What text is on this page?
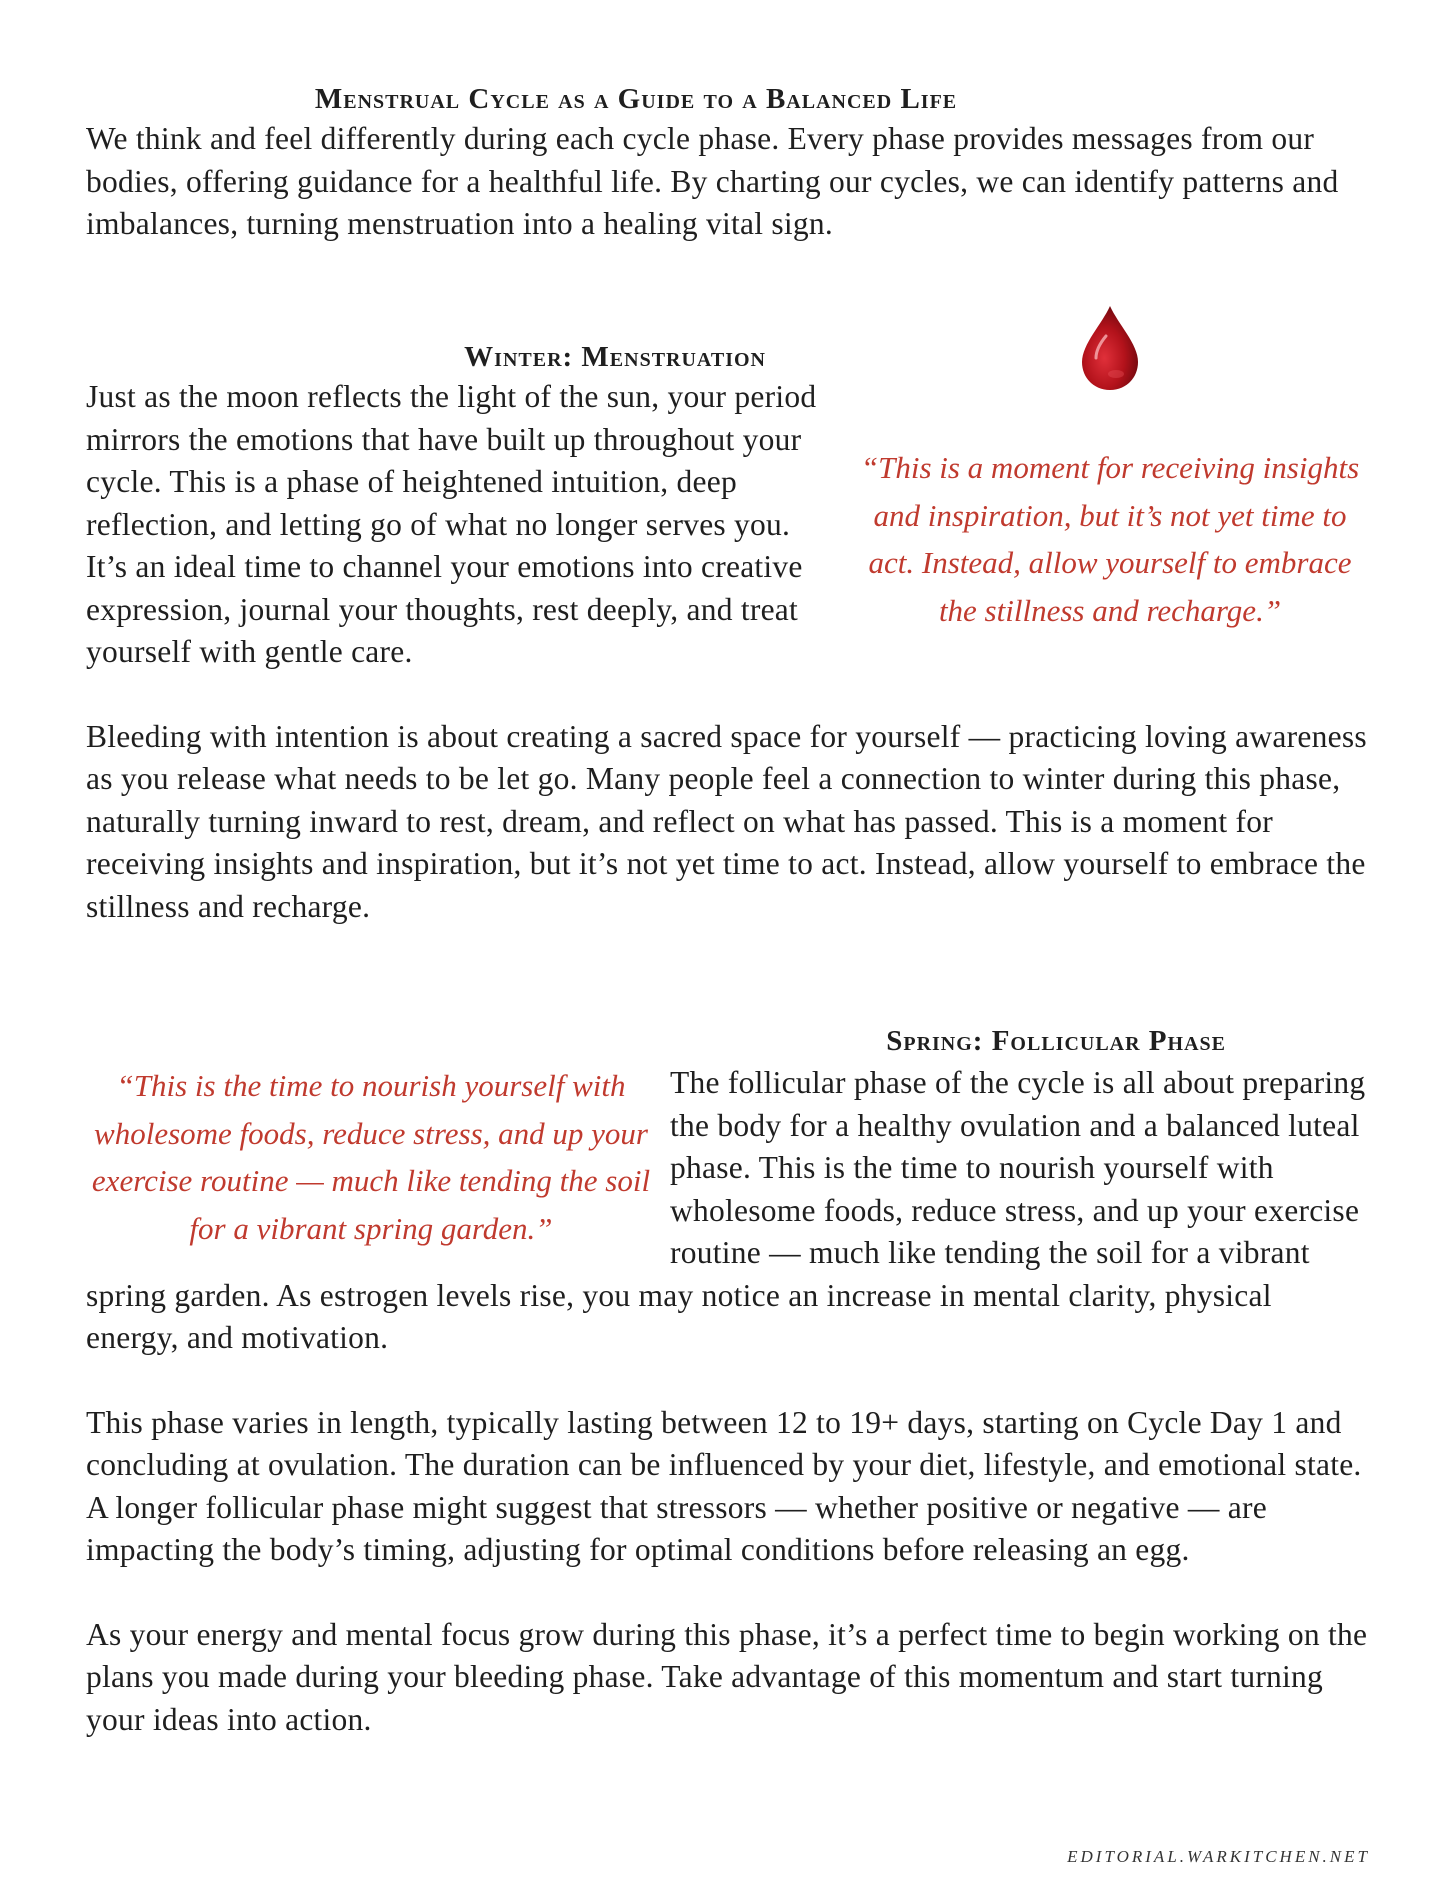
Menstrual Cycle as a Guide to a Balanced Life

We think and feel differently during each cycle phase. Every phase provides messages from our bodies, offering guidance for a healthful life. By charting our cycles, we can identify patterns and imbalances, turning menstruation into a healing vital sign.

Winter: Menstruation

“This is a moment for receiving insights and inspiration, but it’s not yet time to act. Instead, allow yourself to embrace the stillness and recharge.”

Just as the moon reflects the light of the sun, your period mirrors the emotions that have built up throughout your cycle. This is a phase of heightened intuition, deep reflection, and letting go of what no longer serves you. It’s an ideal time to channel your emotions into creative expression, journal your thoughts, rest deeply, and treat yourself with gentle care.

Bleeding with intention is about creating a sacred space for yourself — practicing loving awareness as you release what needs to be let go. Many people feel a connection to winter during this phase, naturally turning inward to rest, dream, and reflect on what has passed. This is a moment for receiving insights and inspiration, but it’s not yet time to act. Instead, allow yourself to embrace the stillness and recharge.

Spring: Follicular Phase

“This is the time to nourish yourself with wholesome foods, reduce stress, and up your exercise routine — much like tending the soil for a vibrant spring garden.”

The follicular phase of the cycle is all about preparing the body for a healthy ovulation and a balanced luteal phase. This is the time to nourish yourself with wholesome foods, reduce stress, and up your exercise routine — much like tending the soil for a vibrant spring garden. As estrogen levels rise, you may notice an increase in mental clarity, physical energy, and motivation.

This phase varies in length, typically lasting between 12 to 19+ days, starting on Cycle Day 1 and concluding at ovulation. The duration can be influenced by your diet, lifestyle, and emotional state. A longer follicular phase might suggest that stressors — whether positive or negative — are impacting the body’s timing, adjusting for optimal conditions before releasing an egg.

As your energy and mental focus grow during this phase, it’s a perfect time to begin working on the plans you made during your bleeding phase. Take advantage of this momentum and start turning your ideas into action.

EDITORIAL.WARKITCHEN.NET
